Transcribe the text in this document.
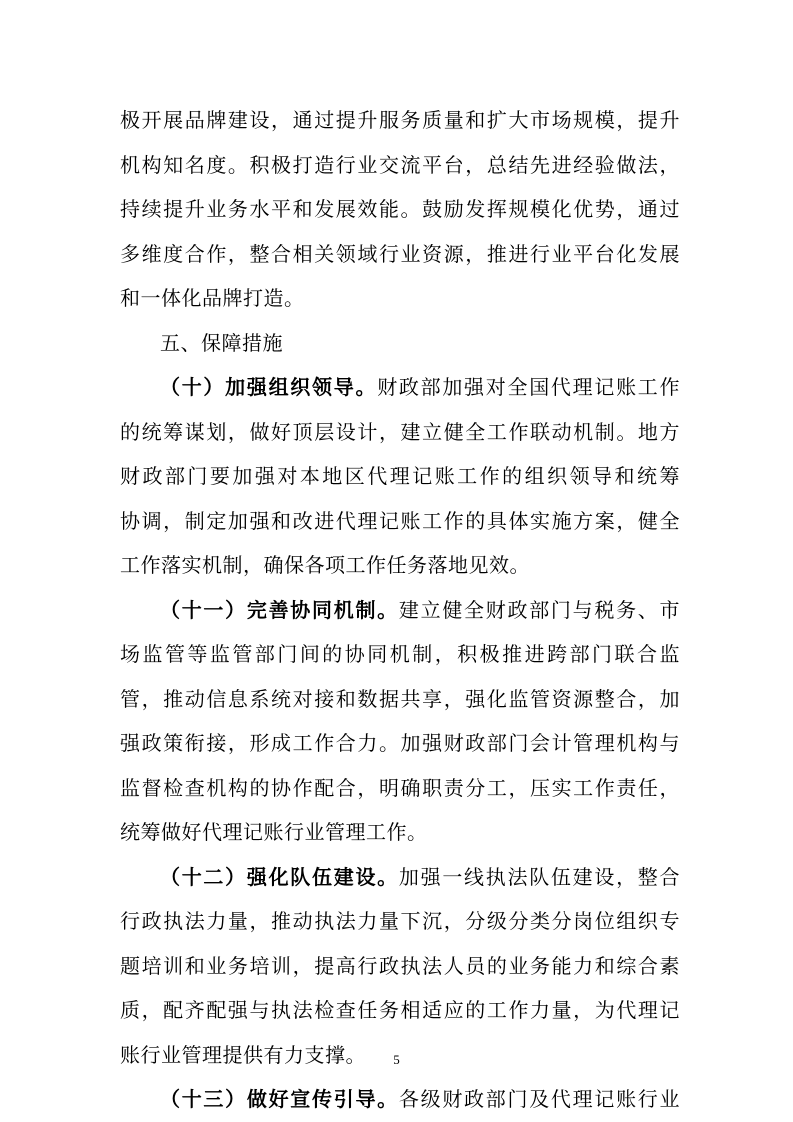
极开展品牌建设，通过提升服务质量和扩大市场规模，提升
机构知名度。积极打造行业交流平台，总结先进经验做法，
持续提升业务水平和发展效能。鼓励发挥规模化优势，通过
多维度合作，整合相关领域行业资源，推进行业平台化发展
和一体化品牌打造。
五、保障措施
（十）加强组织领导。财政部加强对全国代理记账工作
的统筹谋划，做好顶层设计，建立健全工作联动机制。地方
财政部门要加强对本地区代理记账工作的组织领导和统筹
协调，制定加强和改进代理记账工作的具体实施方案，健全
工作落实机制，确保各项工作任务落地见效。
（十一）完善协同机制。建立健全财政部门与税务、市
场监管等监管部门间的协同机制，积极推进跨部门联合监
管，推动信息系统对接和数据共享，强化监管资源整合，加
强政策衔接，形成工作合力。加强财政部门会计管理机构与
监督检查机构的协作配合，明确职责分工，压实工作责任，
统筹做好代理记账行业管理工作。
（十二）强化队伍建设。加强一线执法队伍建设，整合
行政执法力量，推动执法力量下沉，分级分类分岗位组织专
题培训和业务培训，提高行政执法人员的业务能力和综合素
质，配齐配强与执法检查任务相适应的工作力量，为代理记
账行业管理提供有力支撑。
（十三）做好宣传引导。各级财政部门及代理记账行业
5
